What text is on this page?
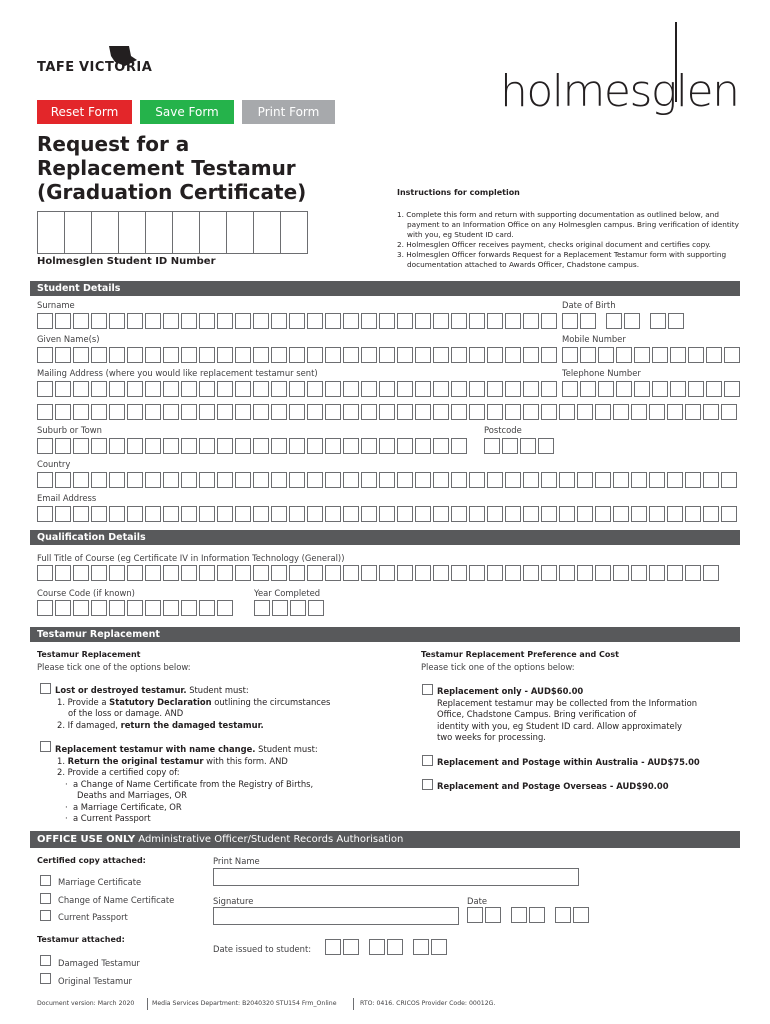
TAFE VICTORIA	holmesglen
Reset Form	Save Form	Print Form
Request for a
Replacement Testamur
(Graduation Certificate)
Holmesglen Student ID Number
Instructions for completion
1. Complete this form and return with supporting documentation as outlined below, and payment to an Information Office on any Holmesglen campus. Bring verification of identity with you, eg Student ID card.
2. Holmesglen Officer receives payment, checks original document and certifies copy.
3. Holmesglen Officer forwards Request for a Replacement Testamur form with supporting documentation attached to Awards Officer, Chadstone campus.
Student Details
Surname	Date of Birth
Given Name(s)	Mobile Number
Mailing Address (where you would like replacement testamur sent)	Telephone Number
Suburb or Town	Postcode
Country
Email Address
Qualification Details
Full Title of Course (eg Certificate IV in Information Technology (General))
Course Code (if known)	Year Completed
Testamur Replacement
Testamur Replacement
Please tick one of the options below:
Testamur Replacement Preference and Cost
Please tick one of the options below:
Lost or destroyed testamur. Student must:
1. Provide a Statutory Declaration outlining the circumstances
of the loss or damage. AND
2. If damaged, return the damaged testamur.
Replacement testamur with name change. Student must:
1. Return the original testamur with this form. AND
2. Provide a certified copy of:
·  a Change of Name Certificate from the Registry of Births,
Deaths and Marriages, OR
·  a Marriage Certificate, OR
·  a Current Passport
Replacement only - AUD$60.00
Replacement testamur may be collected from the Information
Office, Chadstone Campus. Bring verification of
identity with you, eg Student ID card. Allow approximately
two weeks for processing.
Replacement and Postage within Australia - AUD$75.00
Replacement and Postage Overseas - AUD$90.00
OFFICE USE ONLY Administrative Officer/Student Records Authorisation
Certified copy attached:
Marriage Certificate
Change of Name Certificate
Current Passport
Testamur attached:
Damaged Testamur
Original Testamur
Print Name
Signature	Date
Date issued to student:
Document version: March 2020	Media Services Department: B2040320 STU154 Frm_Online	RTO: 0416. CRICOS Provider Code: 00012G.
